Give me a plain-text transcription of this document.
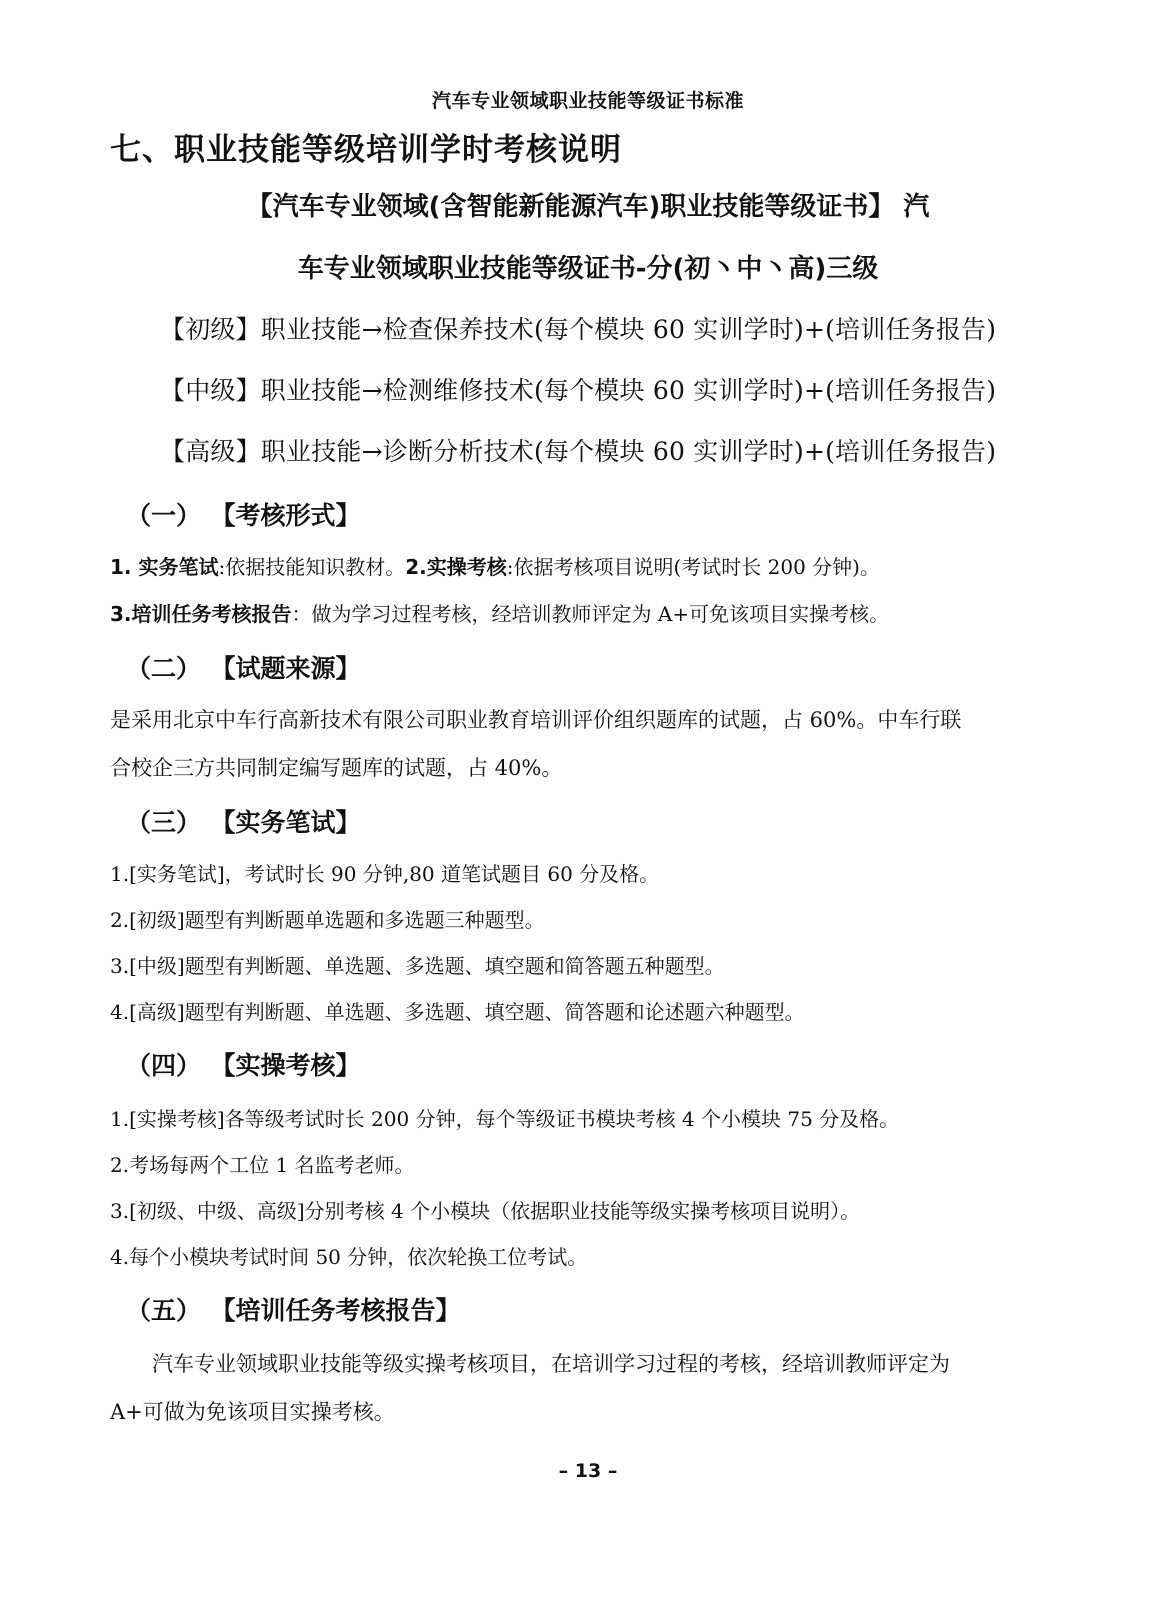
汽车专业领域职业技能等级证书标准
七、职业技能等级培训学时考核说明
【汽车专业领域(含智能新能源汽车)职业技能等级证书】 汽
车专业领域职业技能等级证书-分(初丶中丶高)三级
【初级】职业技能→检查保养技术(每个模块 60 实训学时)+(培训任务报告)
【中级】职业技能→检测维修技术(每个模块 60 实训学时)+(培训任务报告)
【高级】职业技能→诊断分析技术(每个模块 60 实训学时)+(培训任务报告)
（一） 【考核形式】
1. 实务笔试:依据技能知识教材。2.实操考核:依据考核项目说明(考试时长 200 分钟)。
3.培训任务考核报告：做为学习过程考核，经培训教师评定为 A+可免该项目实操考核。
（二） 【试题来源】
是采用北京中车行高新技术有限公司职业教育培训评价组织题库的试题，占 60%。中车行联
合校企三方共同制定编写题库的试题，占 40%。
（三） 【实务笔试】
1.[实务笔试]，考试时长 90 分钟,80 道笔试题目 60 分及格。
2.[初级]题型有判断题单选题和多选题三种题型。
3.[中级]题型有判断题、单选题、多选题、填空题和简答题五种题型。
4.[高级]题型有判断题、单选题、多选题、填空题、简答题和论述题六种题型。
（四） 【实操考核】
1.[实操考核]各等级考试时长 200 分钟，每个等级证书模块考核 4 个小模块 75 分及格。
2.考场每两个工位 1 名监考老师。
3.[初级、中级、高级]分别考核 4 个小模块（依据职业技能等级实操考核项目说明）。
4.每个小模块考试时间 50 分钟，依次轮换工位考试。
（五） 【培训任务考核报告】
汽车专业领域职业技能等级实操考核项目，在培训学习过程的考核，经培训教师评定为
A+可做为免该项目实操考核。
– 13 –
